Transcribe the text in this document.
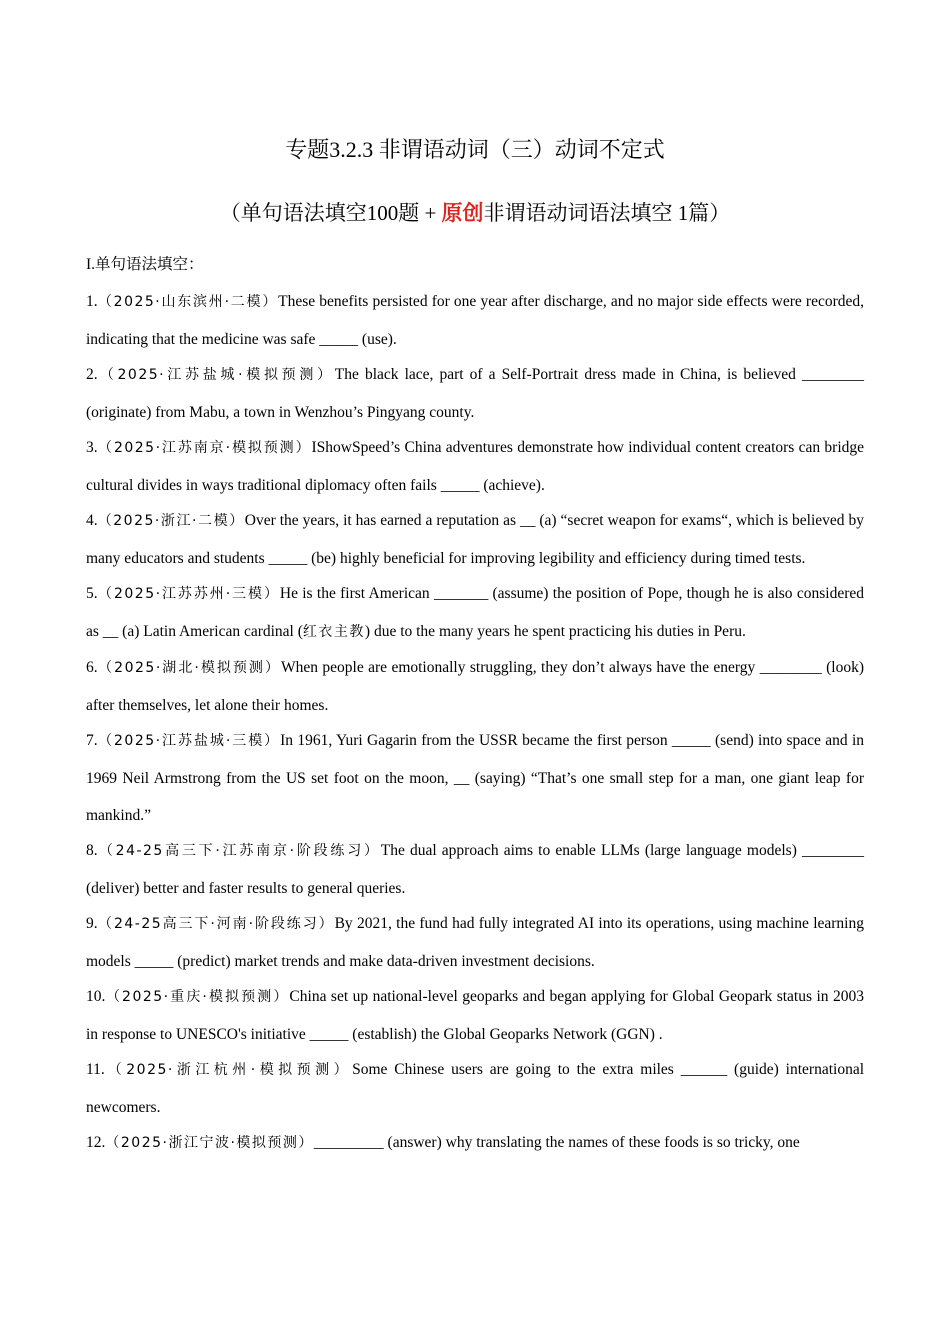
专题3.2.3 非谓语动词（三）动词不定式
（单句语法填空100题 + 原创非谓语动词语法填空 1篇）
I.单句语法填空：
1.（2025·山东滨州·二模）These benefits persisted for one year after discharge, and no major side effects were recorded, indicating that the medicine was safe _____ (use).
2.（2025·江苏盐城·模拟预测）The black lace, part of a Self-Portrait dress made in China, is believed ________ (originate) from Mabu, a town in Wenzhou’s Pingyang county.
3.（2025·江苏南京·模拟预测）IShowSpeed’s China adventures demonstrate how individual content creators can bridge cultural divides in ways traditional diplomacy often fails _____ (achieve).
4.（2025·浙江·二模）Over the years, it has earned a reputation as __ (a) “secret weapon for exams“, which is believed by many educators and students _____ (be) highly beneficial for improving legibility and efficiency during timed tests.
5.（2025·江苏苏州·三模）He is the first American _______ (assume) the position of Pope, though he is also considered as __ (a) Latin American cardinal (红衣主教) due to the many years he spent practicing his duties in Peru.
6.（2025·湖北·模拟预测）When people are emotionally struggling, they don’t always have the energy ________ (look) after themselves, let alone their homes.
7.（2025·江苏盐城·三模）In 1961, Yuri Gagarin from the USSR became the first person _____ (send) into space and in 1969 Neil Armstrong from the US set foot on the moon, __ (saying) “That’s one small step for a man, one giant leap for mankind.”
8.（24-25高三下·江苏南京·阶段练习）The dual approach aims to enable LLMs (large language models) ________ (deliver) better and faster results to general queries.
9.（24-25高三下·河南·阶段练习）By 2021, the fund had fully integrated AI into its operations, using machine learning models _____ (predict) market trends and make data-driven investment decisions.
10.（2025·重庆·模拟预测）China set up national-level geoparks and began applying for Global Geopark status in 2003 in response to UNESCO's initiative _____ (establish) the Global Geoparks Network (GGN) .
11.（2025·浙江杭州·模拟预测）Some Chinese users are going to the extra miles ______ (guide) international newcomers.
12.（2025·浙江宁波·模拟预测）_________ (answer) why translating the names of these foods is so tricky, one
